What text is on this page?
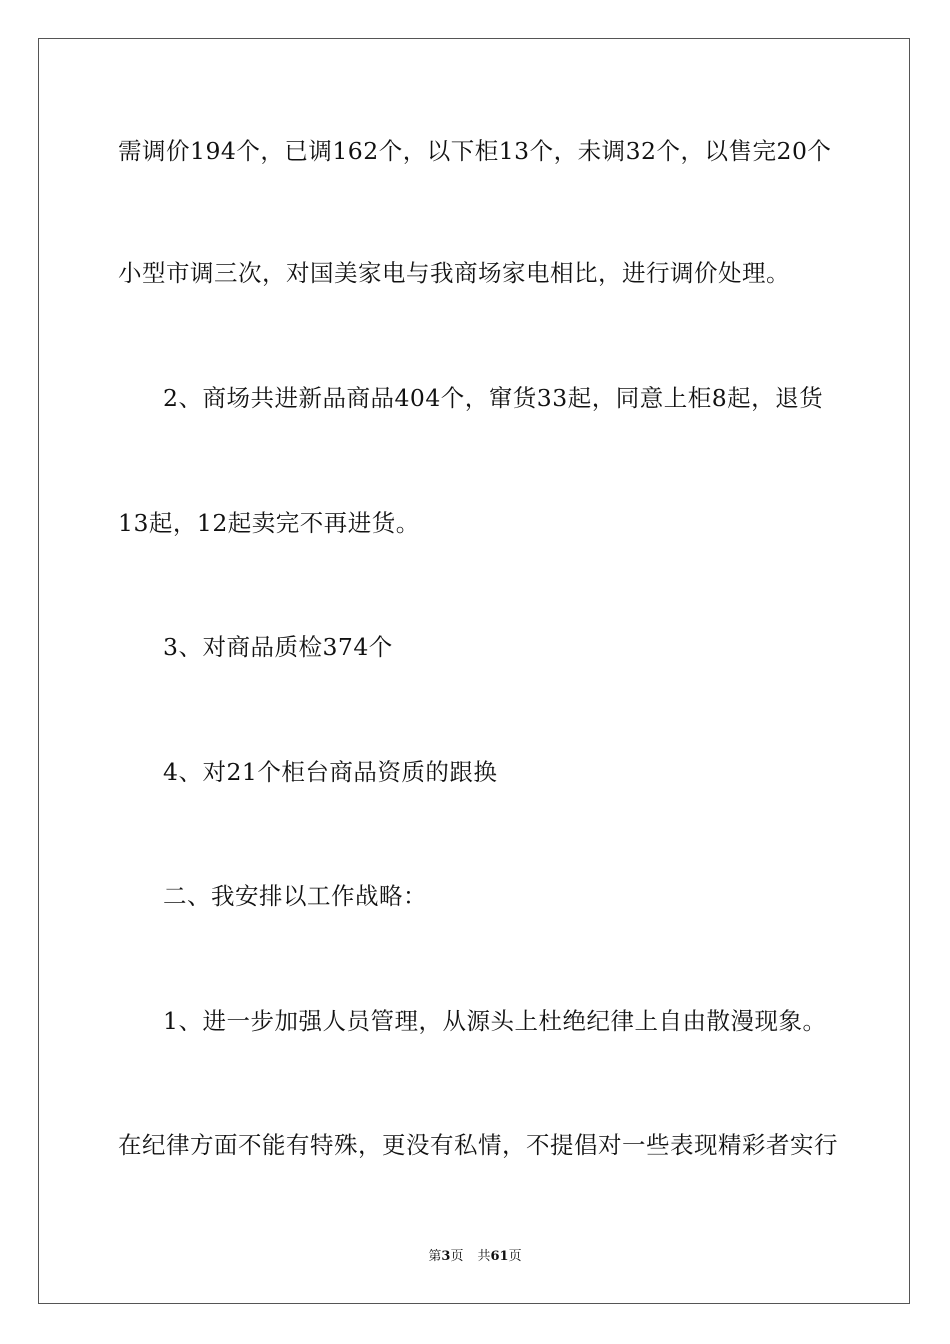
需调价194个，已调162个，以下柜13个，未调32个，以售完20个
小型市调三次，对国美家电与我商场家电相比，进行调价处理。
2、商场共进新品商品404个，窜货33起，同意上柜8起，退货
13起，12起卖完不再进货。
3、对商品质检374个
4、对21个柜台商品资质的跟换
二、我安排以工作战略：
1、进一步加强人员管理，从源头上杜绝纪律上自由散漫现象。
在纪律方面不能有特殊，更没有私情，不提倡对一些表现精彩者实行
第3页 共61页
